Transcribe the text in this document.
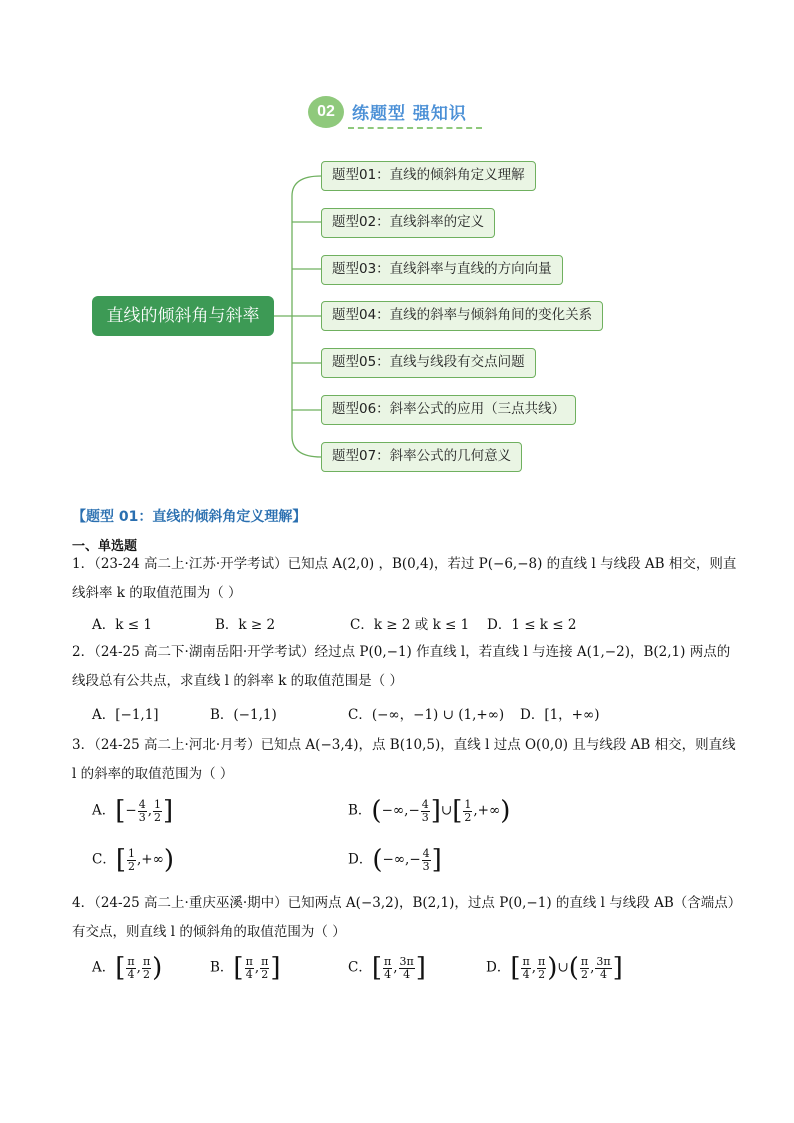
02	练题型 强知识
直线的倾斜角与斜率
题型01：直线的倾斜角定义理解
题型02：直线斜率的定义
题型03：直线斜率与直线的方向向量
题型04：直线的斜率与倾斜角间的变化关系
题型05：直线与线段有交点问题
题型06：斜率公式的应用（三点共线）
题型07：斜率公式的几何意义
【题型 01：直线的倾斜角定义理解】
一、单选题
1．（23-24 高二上·江苏·开学考试）已知点 A(2,0) ，B(0,4)，若过 P(−6,−8) 的直线 l 与线段 AB 相交，则直
线斜率 k 的取值范围为（ ）
A．k ≤ 1	B．k ≥ 2	C．k ≥ 2 或 k ≤ 1 D．1 ≤ k ≤ 2
2．（24-25 高二下·湖南岳阳·开学考试）经过点 P(0,−1) 作直线 l，若直线 l 与连接 A(1,−2)，B(2,1) 两点的
线段总有公共点，求直线 l 的斜率 k 的取值范围是（ ）
A．[−1,1]	B．(−1,1)	C．(−∞，−1) ∪ (1,+∞) D．[1，+∞)
3．（24-25 高二上·河北·月考）已知点 A(−3,4)，点 B(10,5)，直线 l 过点 O(0,0) 且与线段 AB 相交，则直线
l 的斜率的取值范围为（ ）
A．[− $\frac{4}{3}$ , $\frac{1}{2}$ ]	B．(−∞,− $\frac{4}{3}$ ]∪[ $\frac{1}{2}$ ,+∞)
C．[ $\frac{1}{2}$ ,+∞)	D．(−∞,− $\frac{4}{3}$ ]
4．（24-25 高二上·重庆巫溪·期中）已知两点 A(−3,2)，B(2,1)，过点 P(0,−1) 的直线 l 与线段 AB（含端点）
有交点，则直线 l 的倾斜角的取值范围为（ ）
A．[ $\frac{\pi}{4}$ , $\frac{\pi}{2}$ )	B．[ $\frac{\pi}{4}$ , $\frac{\pi}{2}$ ]	C．[ $\frac{\pi}{4}$ , $\frac{3\pi}{4}$ ]	D．[ $\frac{\pi}{4}$ , $\frac{\pi}{2}$ )∪( $\frac{\pi}{2}$ , $\frac{3\pi}{4}$ ]
